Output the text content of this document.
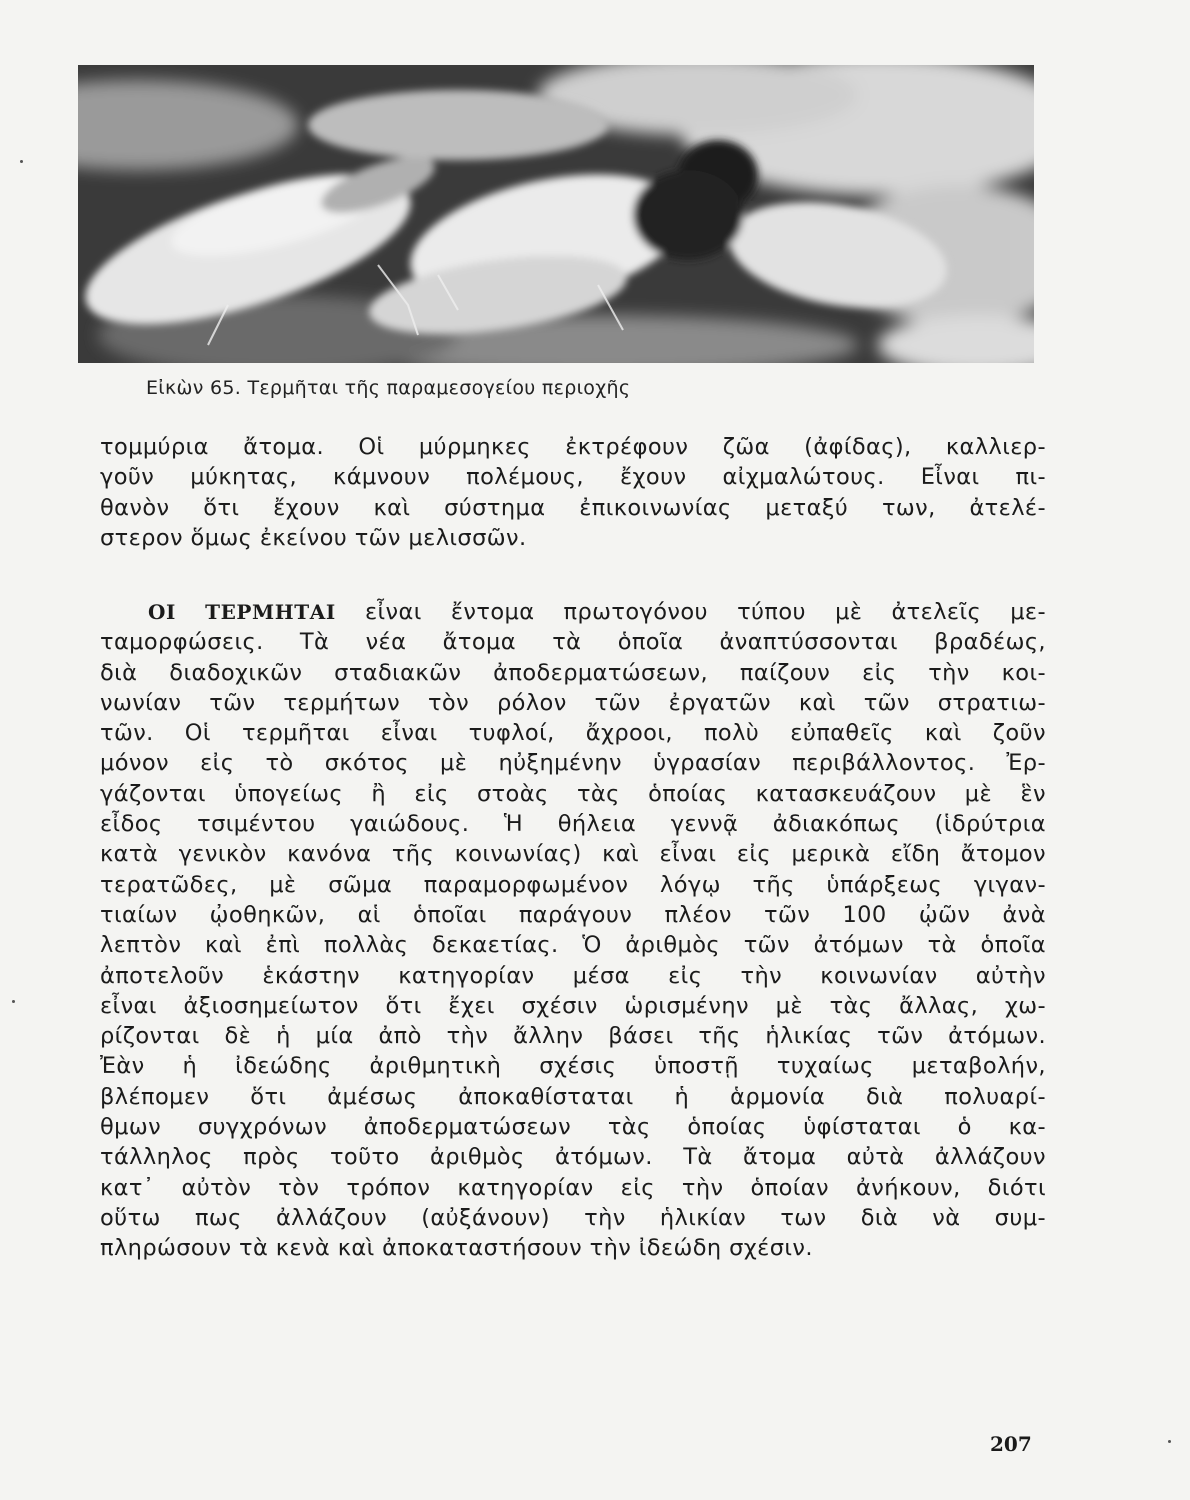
Εἰκὼν 65. Τερμῆται τῆς παραμεσογείου περιοχῆς
τομμύρια ἄτομα. Οἱ μύρμηκες ἐκτρέφουν ζῶα (ἀφίδας), καλλιερ-
γοῦν μύκητας, κάμνουν πολέμους, ἔχουν αἰχμαλώτους. Εἶναι πι-
θανὸν ὅτι ἔχουν καὶ σύστημα ἐπικοινωνίας μεταξύ των, ἀτελέ-
στερον ὅμως ἐκείνου τῶν μελισσῶν.
ΟΙ ΤΕΡΜΗΤΑΙ εἶναι ἔντομα πρωτογόνου τύπου μὲ ἀτελεῖς με-
ταμορφώσεις. Τὰ νέα ἄτομα τὰ ὁποῖα ἀναπτύσσονται βραδέως,
διὰ διαδοχικῶν σταδιακῶν ἀποδερματώσεων, παίζουν εἰς τὴν κοι-
νωνίαν τῶν τερμήτων τὸν ρόλον τῶν ἐργατῶν καὶ τῶν στρατιω-
τῶν. Οἱ τερμῆται εἶναι τυφλοί, ἄχροοι, πολὺ εὐπαθεῖς καὶ ζοῦν
μόνον εἰς τὸ σκότος μὲ ηὐξημένην ὑγρασίαν περιβάλλοντος. Ἐρ-
γάζονται ὑπογείως ἢ εἰς στοὰς τὰς ὁποίας κατασκευάζουν μὲ ἓν
εἶδος τσιμέντου γαιώδους. Ἡ θήλεια γεννᾷ ἀδιακόπως (ἱδρύτρια
κατὰ γενικὸν κανόνα τῆς κοινωνίας) καὶ εἶναι εἰς μερικὰ εἴδη ἄτομον
τερατῶδες, μὲ σῶμα παραμορφωμένον λόγῳ τῆς ὑπάρξεως γιγαν-
τιαίων ᾠοθηκῶν, αἱ ὁποῖαι παράγουν πλέον τῶν 100 ᾠῶν ἀνὰ
λεπτὸν καὶ ἐπὶ πολλὰς δεκαετίας. Ὁ ἀριθμὸς τῶν ἀτόμων τὰ ὁποῖα
ἀποτελοῦν ἑκάστην κατηγορίαν μέσα εἰς τὴν κοινωνίαν αὐτὴν
εἶναι ἀξιοσημείωτον ὅτι ἔχει σχέσιν ὡρισμένην μὲ τὰς ἄλλας, χω-
ρίζονται δὲ ἡ μία ἀπὸ τὴν ἄλλην βάσει τῆς ἡλικίας τῶν ἀτόμων.
Ἐὰν ἡ ἰδεώδης ἀριθμητικὴ σχέσις ὑποστῇ τυχαίως μεταβολήν,
βλέπομεν ὅτι ἀμέσως ἀποκαθίσταται ἡ ἁρμονία διὰ πολυαρί-
θμων συγχρόνων ἀποδερματώσεων τὰς ὁποίας ὑφίσταται ὁ κα-
τάλληλος πρὸς τοῦτο ἀριθμὸς ἀτόμων. Τὰ ἄτομα αὐτὰ ἀλλάζουν
κατ᾿ αὐτὸν τὸν τρόπον κατηγορίαν εἰς τὴν ὁποίαν ἀνήκουν, διότι
οὕτω πως ἀλλάζουν (αὐξάνουν) τὴν ἡλικίαν των διὰ νὰ συμ-
πληρώσουν τὰ κενὰ καὶ ἀποκαταστήσουν τὴν ἰδεώδη σχέσιν.
207
